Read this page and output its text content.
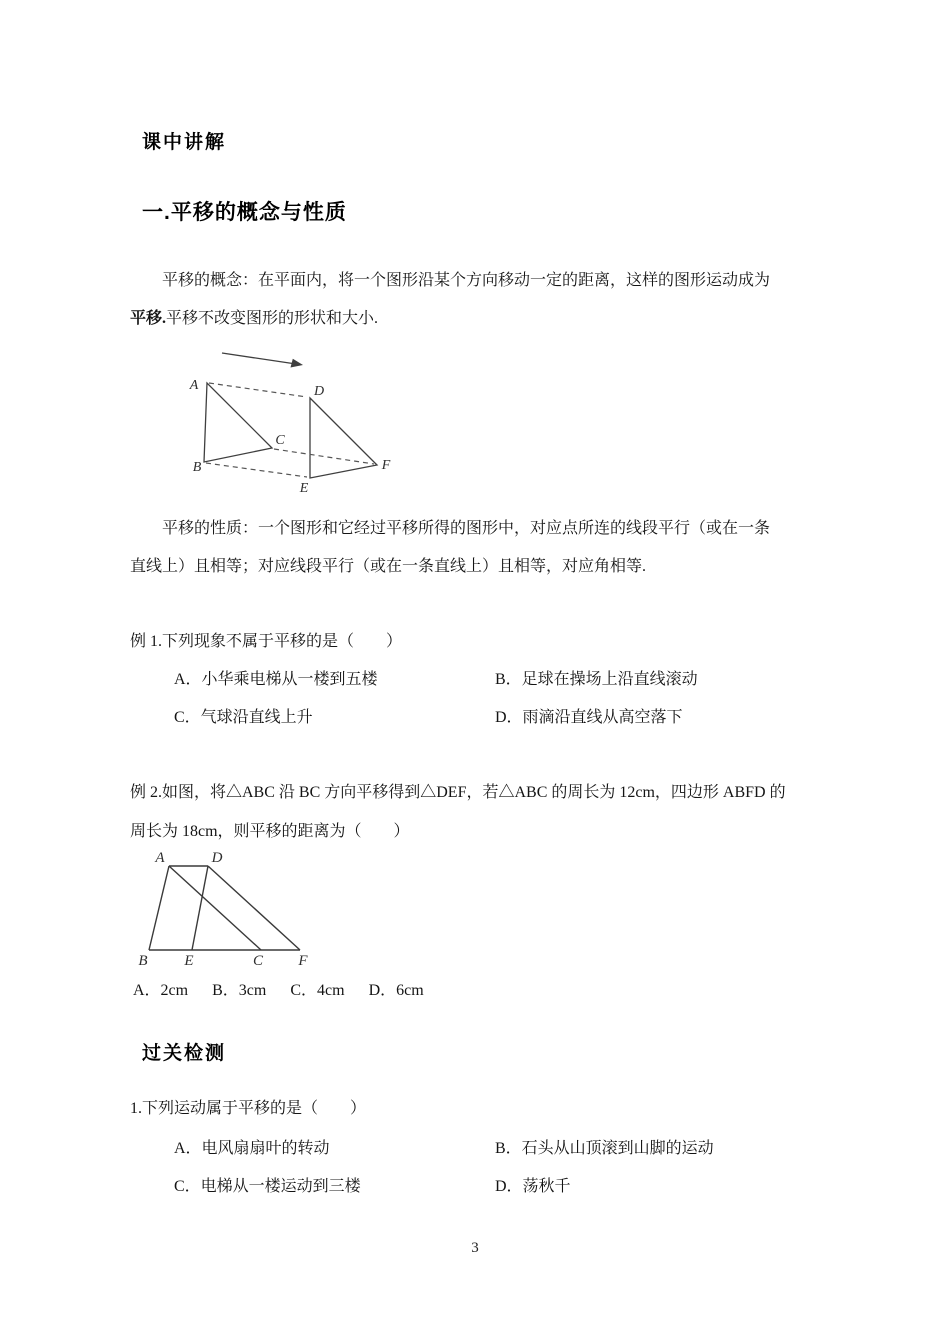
课中讲解
一.平移的概念与性质
平移的概念：在平面内，将一个图形沿某个方向移动一定的距离，这样的图形运动成为
平移.平移不改变图形的形状和大小.
A
B
C
D
E
F
平移的性质：一个图形和它经过平移所得的图形中，对应点所连的线段平行（或在一条
直线上）且相等；对应线段平行（或在一条直线上）且相等，对应角相等.
例 1.下列现象不属于平移的是（　　）
A．小华乘电梯从一楼到五楼	B．足球在操场上沿直线滚动
C．气球沿直线上升	D．雨滴沿直线从高空落下
例 2.如图，将△ABC 沿 BC 方向平移得到△DEF，若△ABC 的周长为 12cm，四边形 ABFD 的
周长为 18cm，则平移的距离为（　　）
A	D
B E	C F
A．2cm B．3cm C．4cm D．6cm
过关检测
1.下列运动属于平移的是（　　）
A．电风扇扇叶的转动	B．石头从山顶滚到山脚的运动
C．电梯从一楼运动到三楼	D．荡秋千
3
